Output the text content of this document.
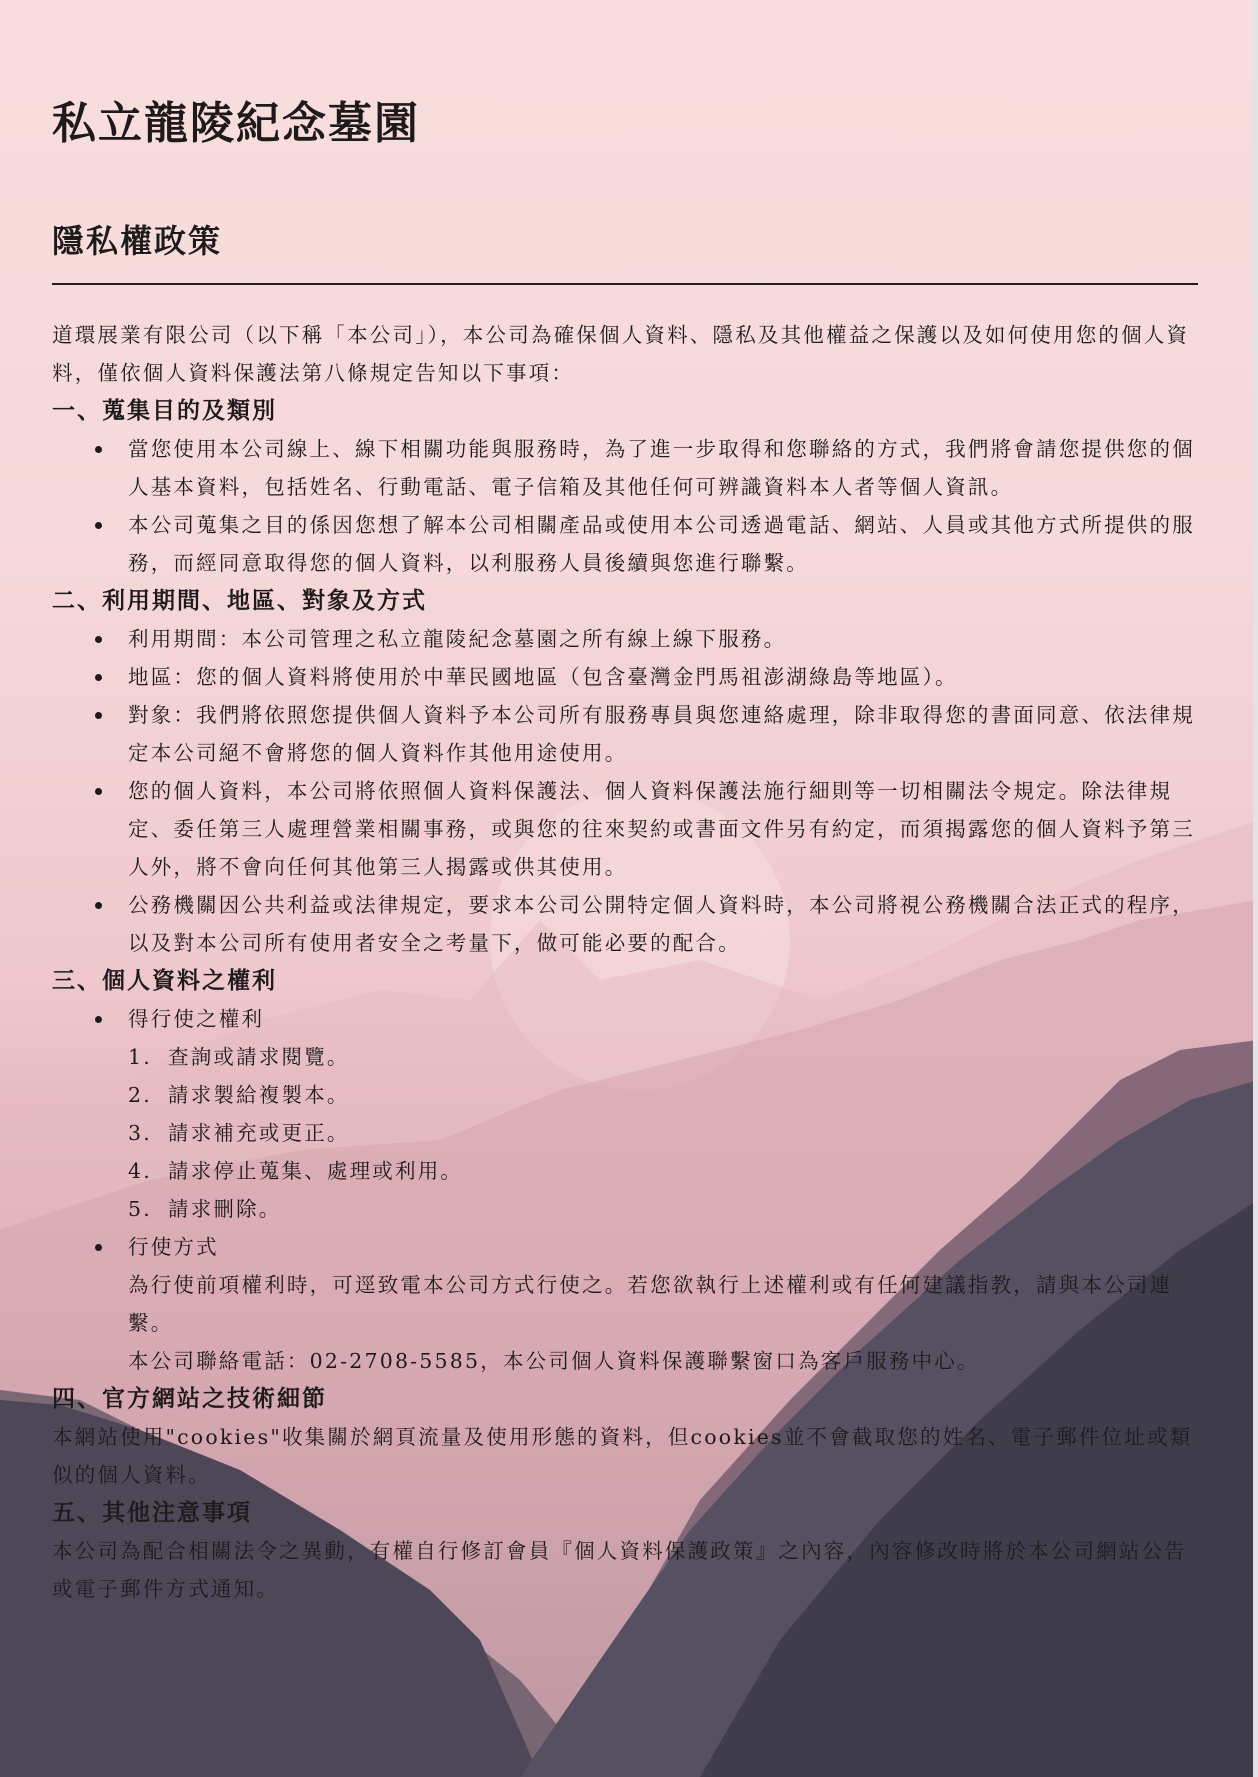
私立龍陵紀念墓園
隱私權政策

道環展業有限公司（以下稱「本公司」），本公司為確保個人資料、隱私及其他權益之保護以及如何使用您的個人資料，僅依個人資料保護法第八條規定告知以下事項：

一、蒐集目的及類別
當您使用本公司線上、線下相關功能與服務時，為了進一步取得和您聯絡的方式，我們將會請您提供您的個人基本資料，包括姓名、行動電話、電子信箱及其他任何可辨識資料本人者等個人資訊。
本公司蒐集之目的係因您想了解本公司相關產品或使用本公司透過電話、網站、人員或其他方式所提供的服務，而經同意取得您的個人資料，以利服務人員後續與您進行聯繫。
二、利用期間、地區、對象及方式
利用期間：本公司管理之私立龍陵紀念墓園之所有線上線下服務。
地區：您的個人資料將使用於中華民國地區（包含臺灣金門馬祖澎湖綠島等地區）。
對象：我們將依照您提供個人資料予本公司所有服務專員與您連絡處理，除非取得您的書面同意、依法律規定本公司絕不會將您的個人資料作其他用途使用。
您的個人資料，本公司將依照個人資料保護法、個人資料保護法施行細則等一切相關法令規定。除法律規定、委任第三人處理營業相關事務，或與您的往來契約或書面文件另有約定，而須揭露您的個人資料予第三人外，將不會向任何其他第三人揭露或供其使用。
公務機關因公共利益或法律規定，要求本公司公開特定個人資料時，本公司將視公務機關合法正式的程序，以及對本公司所有使用者安全之考量下，做可能必要的配合。
三、個人資料之權利
得行使之權利
1. 查詢或請求閱覽。
2. 請求製給複製本。
3. 請求補充或更正。
4. 請求停止蒐集、處理或利用。
5. 請求刪除。
行使方式

為行使前項權利時，可逕致電本公司方式行使之。若您欲執行上述權利或有任何建議指教，請與本公司連繫。

本公司聯絡電話：02-2708-5585，本公司個人資料保護聯繫窗口為客戶服務中心。

四、官方網站之技術細節

本網站使用"cookies"收集關於網頁流量及使用形態的資料，但cookies並不會截取您的姓名、電子郵件位址或類似的個人資料。

五、其他注意事項

本公司為配合相關法令之異動，有權自行修訂會員『個人資料保護政策』之內容，內容修改時將於本公司網站公告或電子郵件方式通知。
